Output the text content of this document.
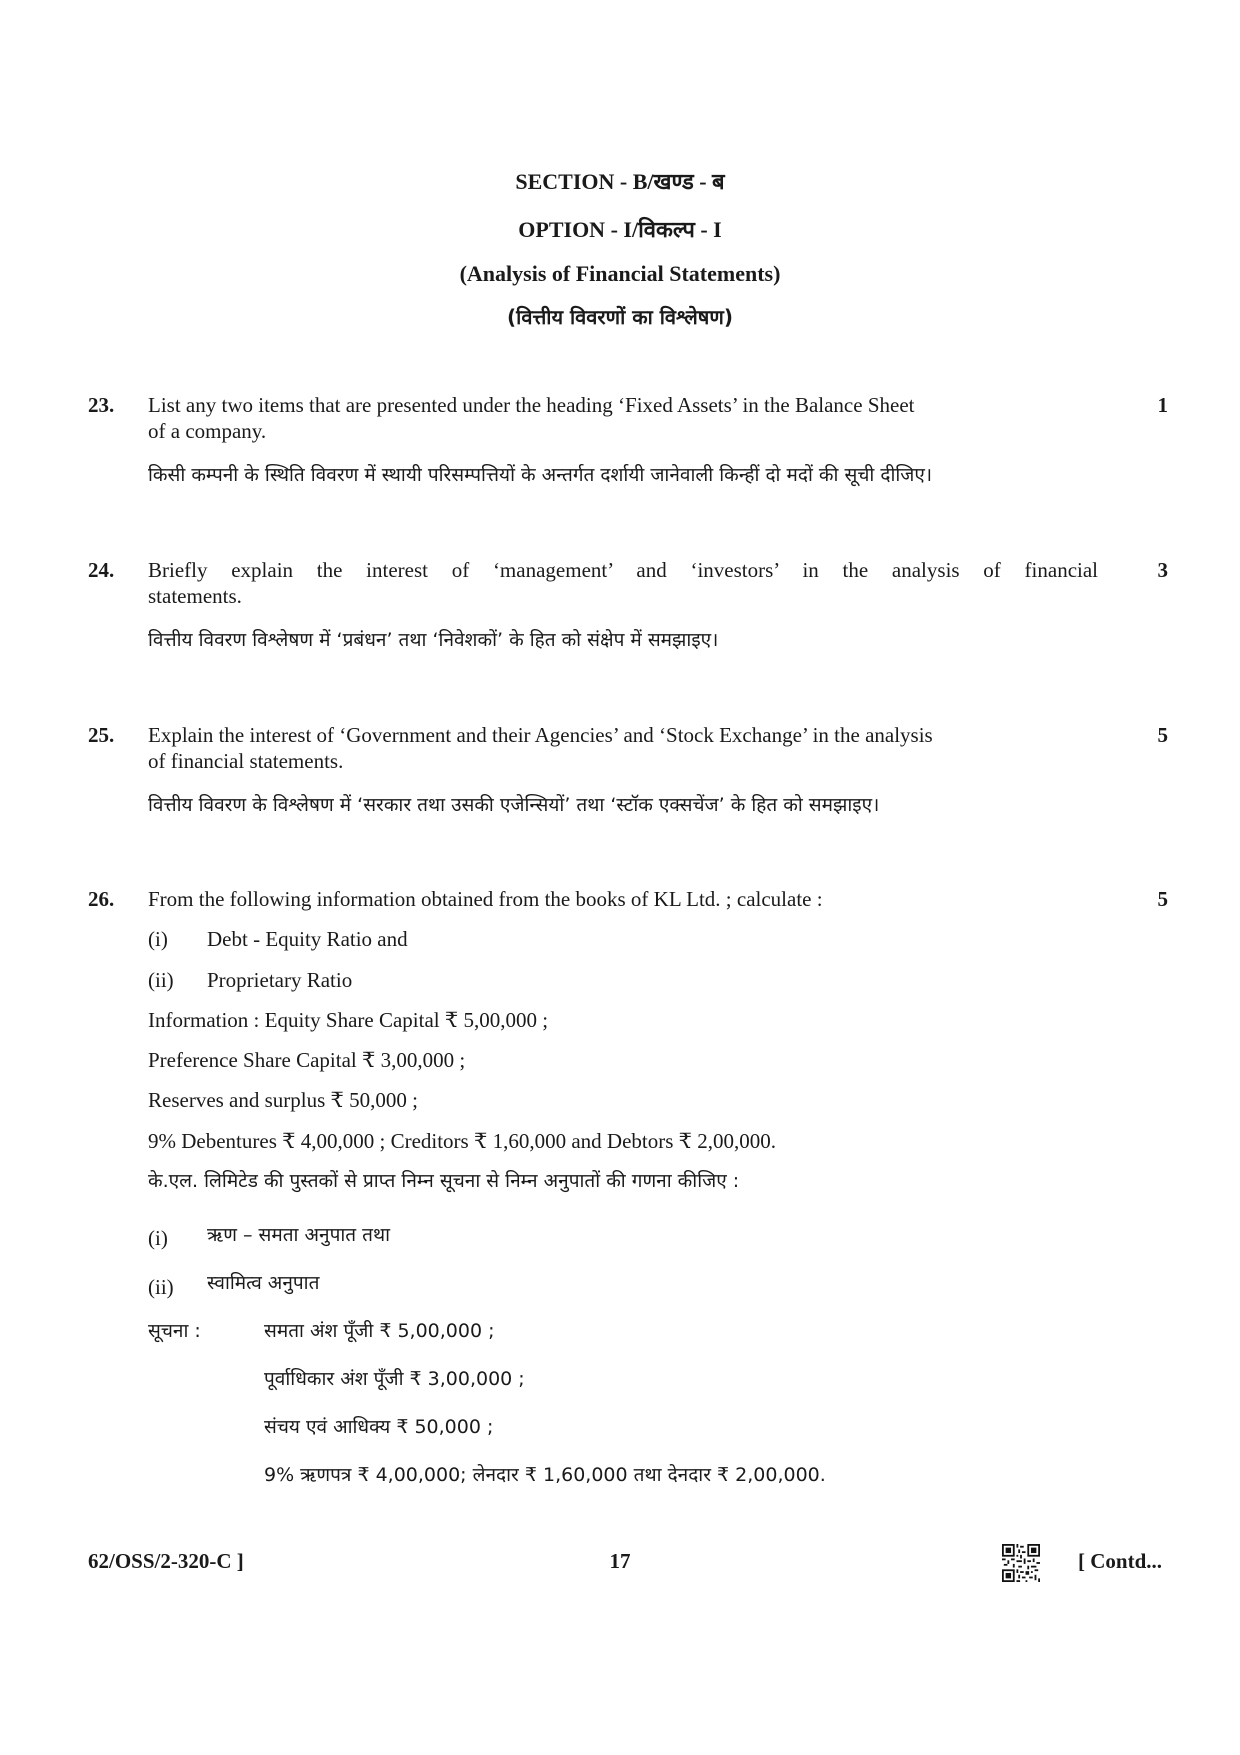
SECTION - B/खण्ड - ब
OPTION - I/विकल्प - I
(Analysis of Financial Statements)
(वित्तीय विवरणों का विश्लेषण)
23.	1
List any two items that are presented under the heading ‘Fixed Assets’ in the Balance Sheet
of a company.
किसी कम्पनी के स्थिति विवरण में स्थायी परिसम्पत्तियों के अन्तर्गत दर्शायी जानेवाली किन्हीं दो मदों की सूची दीजिए।
24.	3
Briefly explain the interest of ‘management’ and ‘investors’ in the analysis of financial
statements.
वित्तीय विवरण विश्लेषण में ‘प्रबंधन’ तथा ‘निवेशकों’ के हित को संक्षेप में समझाइए।
25.	5
Explain the interest of ‘Government and their Agencies’ and ‘Stock Exchange’ in the analysis
of financial statements.
वित्तीय विवरण के विश्लेषण में ‘सरकार तथा उसकी एजेन्सियों’ तथा ‘स्टॉक एक्सचेंज’ के हित को समझाइए।
26.	5
From the following information obtained from the books of KL Ltd. ; calculate :
(i) Debt - Equity Ratio and
(ii) Proprietary Ratio
Information : Equity Share Capital ₹ 5,00,000 ;
Preference Share Capital ₹ 3,00,000 ;
Reserves and surplus ₹ 50,000 ;
9% Debentures ₹ 4,00,000 ; Creditors ₹ 1,60,000 and Debtors ₹ 2,00,000.
के.एल. लिमिटेड की पुस्तकों से प्राप्त निम्न सूचना से निम्न अनुपातों की गणना कीजिए :
(i) ऋण – समता अनुपात तथा
(ii) स्वामित्व अनुपात
सूचना :	समता अंश पूँजी ₹ 5,00,000 ;
पूर्वाधिकार अंश पूँजी ₹ 3,00,000 ;
संचय एवं आधिक्य ₹ 50,000 ;
9% ऋणपत्र ₹ 4,00,000; लेनदार ₹ 1,60,000 तथा देनदार ₹ 2,00,000.
62/OSS/2-320-C ]	17	[ Contd...
